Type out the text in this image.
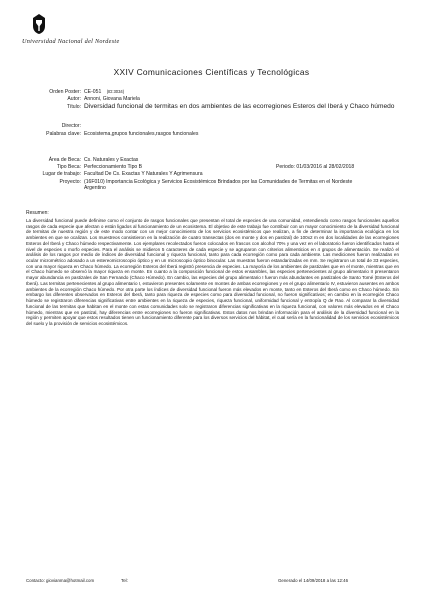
Universidad Nacional del Nordeste
XXIV Comunicaciones Científicas y Tecnológicas
Orden Poster: CE-051 (ID:3034)
Autor: Annoni, Giovana Mariela
Título: Diversidad funcional de termitas en dos ambientes de las ecorregiones Esteros del Iberá y Chaco húmedo
Director:
Palabras clave: Ecosistema,grupos funcionales,rasgos funcionales
Área de Beca: Cs. Naturales y Exactas
Tipo Beca: Perfeccionamiento Tipo B	Periodo: 01/03/2016 al 28/02/2018
Lugar de trabajo: Facultad De Cs. Exactas Y Naturales Y Agrimensura
Proyecto: (16F010) Importancia Ecológica y Servicios Ecosistémicos Brindados por las Comunidades de Termitas en el Nordeste Argentino
Resumen:
La diversidad funcional puede definirse como el conjunto de rasgos funcionales que presentan el total de especies de una comunidad, entendiendo como rasgos funcionales aquellos rasgos de cada especie que afectan o están ligados al funcionamiento de un ecosistema. El objetivo de este trabajo fue contribuir con un mayor conocimiento de la diversidad funcional de termitas de nuestra región y de este modo contar con un mejor conocimiento de los servicios ecosistémicos que realizan, a fin de determinar la importancia ecológica en los ambientes en que se ocalizan. Los muestreos consistieron en la realización de cuatro transectas (dos en monte y dos en pastizal) de 100x2 m en dos localidades de las ecorregiones Esteros del Iberá y Chaco húmedo respectivamente. Los ejemplares recolectados fueron colocados en frascos con alcohol 70% y una vez en el laboratorio fueron identificados hasta el nivel de especies o morfo especies. Para el análisis se midieron 5 caracteres de cada especie y se agruparon con criterios alimenticios en 4 grupos de alimentación. Se realizó el análisis de los rasgos por medio de índices de diversidad funcional y riqueza funcional, tanto para cada ecorregión como para cada ambiente. Las mediciones fueron realizadas en ocular micrométrico adosado a un estereomicroscopio óptico y en un microscopio óptico binocular. Las muestras fueron estandarizadas en mm. Se registraron un total de 33 especies, con una mayor riqueza en Chaco húmedo. La ecorregión Esteros del Iberá registró presencia de especies. La mayoría de los ambientes de pastizales que en el monte, mientras que en el Chaco húmedo se observó la mayor riqueza en monte. En cuanto a la composición funcional de estos ensambles, las especies pertenecientes al grupo alimentario II presentaron mayor abundancia en pastizales de San Fernando (Chaco Húmedo). En cambio, las especies del grupo alimentario I fueron más abundantes en pastizales de Santo Tomé (Esteros del Iberá). Las termitas pertenecientes al grupo alimentario I, estuvieron presentes solamente en montes de ambas ecorregiones y en el grupo alimentario IV, estuvieron ausentes en ambos ambientes de la ecorregión Chaco húmedo. Por otra parte los índices de diversidad funcional fueron más elevados en monte, tanto en Esteros del Iberá como en Chaco húmedo. Sin embargo los diferentes observados en Esteros del Iberá, tanto para riqueza de especies como para diversidad funcional, no fueron significativos; en cambio en la ecorregión Chaco húmedo se registraron diferencias significativas entre ambientes en la riqueza de especies, riqueza funcional, uniformidad funcional y entropía Q de Rao. Al comparar la diversidad funcional de las termitas que habitan en el monte con estas comunidades solo se registraron diferencias significativas en la riqueza funcional, con valores más elevados en el Chaco húmedo, mientras que en pastizal, hay diferencias entre ecorregiones no fueron significativas. Estos datos nos brindan información para el análisis de la diversidad funcional en la región y permiten apoyar que estos resultados tienen un funcionamiento diferente para los diversos servicios del hábitat, el cual sería en la funcionalidad de los servicios ecosistémicos del suelo y la provisión de servicios ecosistémicos.
Contacto: giovianma@hotmail.com	Tel:	Generado el 14/09/2018 a las 12:46
